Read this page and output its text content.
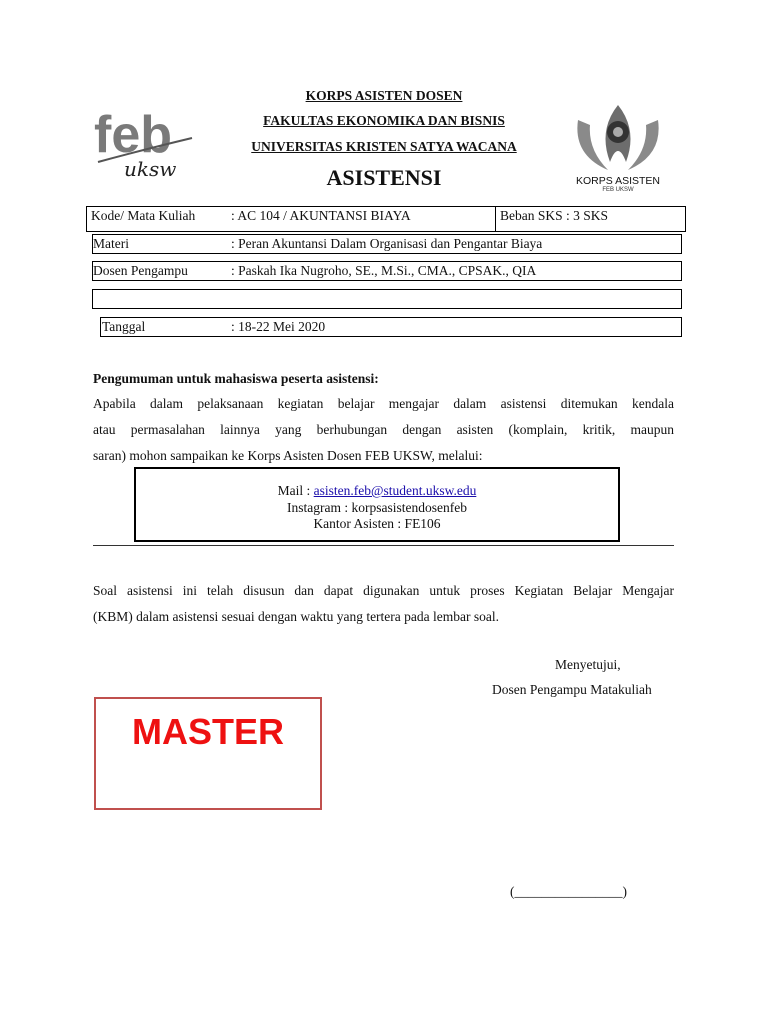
feb
uksw	KORPS ASISTEN
FEB UKSW
KORPS ASISTEN DOSEN
FAKULTAS EKONOMIKA DAN BISNIS
UNIVERSITAS KRISTEN SATYA WACANA
ASISTENSI
Kode/ Mata Kuliah	: AC 104 / AKUNTANSI BIAYA	Beban SKS : 3 SKS
Materi	: Peran Akuntansi Dalam Organisasi dan Pengantar Biaya
Dosen Pengampu	: Paskah Ika Nugroho, SE., M.Si., CMA., CPSAK., QIA
Tanggal	: 18-22 Mei 2020
Pengumuman untuk mahasiswa peserta asistensi:
Apabila dalam pelaksanaan kegiatan belajar mengajar dalam asistensi ditemukan kendala
atau permasalahan lainnya yang berhubungan dengan asisten (komplain, kritik, maupun
saran) mohon sampaikan ke Korps Asisten Dosen FEB UKSW, melalui:
Mail : asisten.feb@student.uksw.edu
Instagram : korpsasistendosenfeb
Kantor Asisten : FE106
Soal asistensi ini telah disusun dan dapat digunakan untuk proses Kegiatan Belajar Mengajar
(KBM) dalam asistensi sesuai dengan waktu yang tertera pada lembar soal.
Menyetujui,
Dosen Pengampu Matakuliah
(________________)
MASTER
